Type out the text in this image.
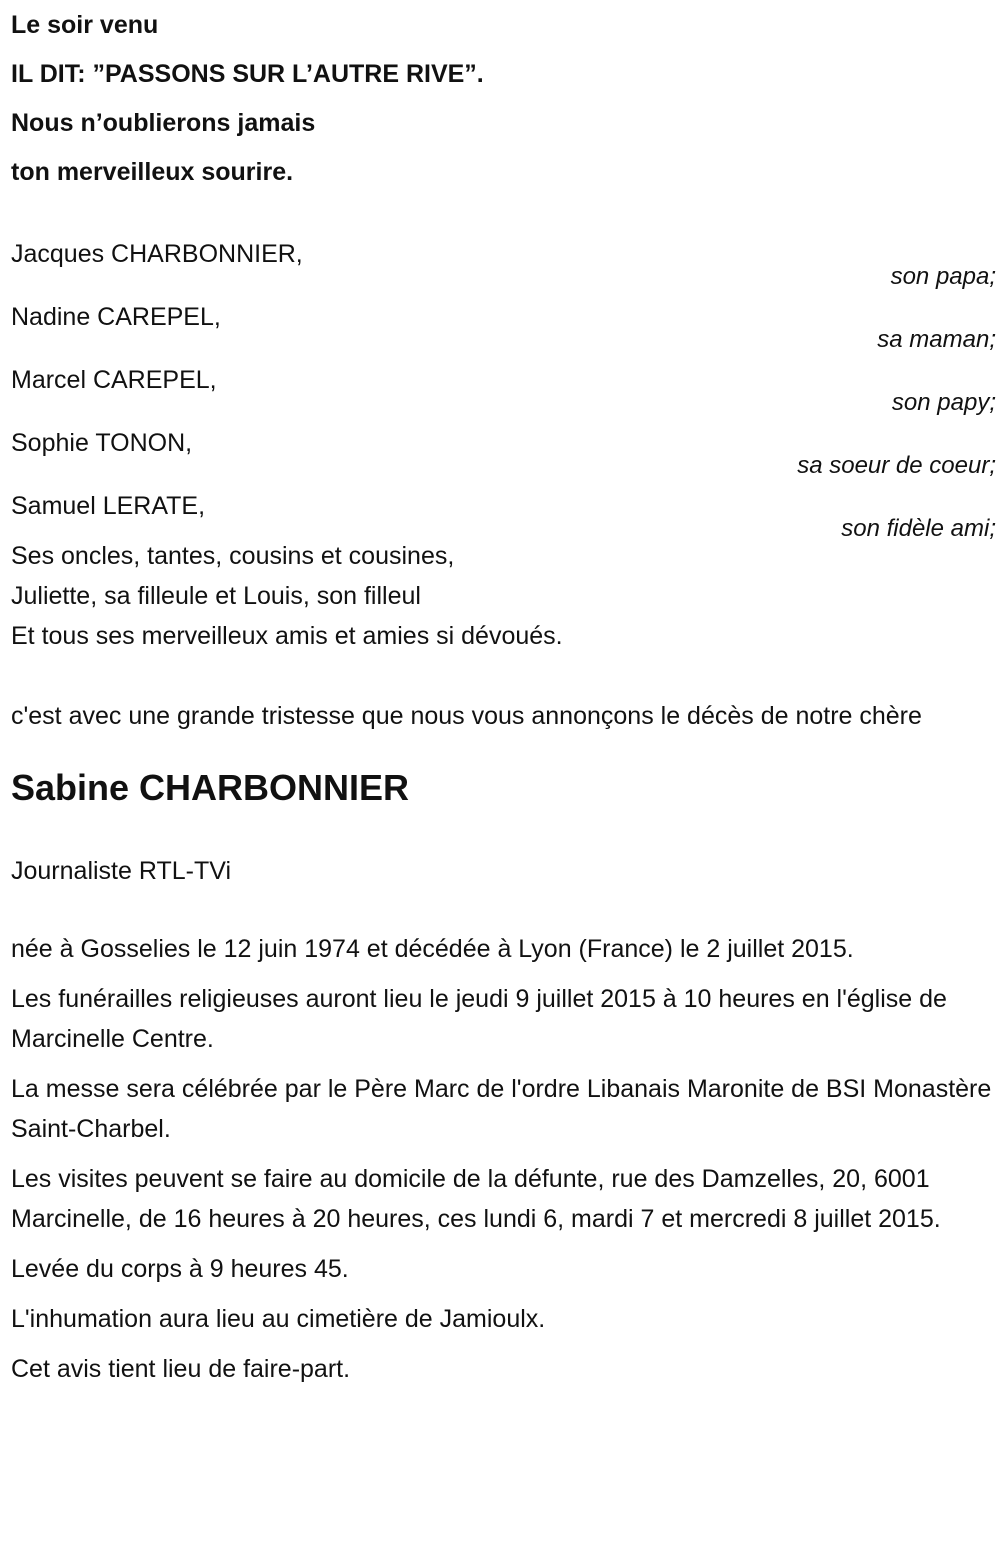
Le soir venu
IL DIT: ”PASSONS SUR L’AUTRE RIVE”.
Nous n’oublierons jamais
ton merveilleux sourire.
Jacques CHARBONNIER,
son papa;
Nadine CAREPEL,
sa maman;
Marcel CAREPEL,
son papy;
Sophie TONON,
sa soeur de coeur;
Samuel LERATE,
son fidèle ami;

Ses oncles, tantes, cousins et cousines,

Juliette, sa filleule et Louis, son filleul

Et tous ses merveilleux amis et amies si dévoués.

c'est avec une grande tristesse que nous vous annonçons le décès de notre chère

Sabine CHARBONNIER

Journaliste RTL-TVi

née à Gosselies le 12 juin 1974 et décédée à Lyon (France) le 2 juillet 2015.

Les funérailles religieuses auront lieu le jeudi 9 juillet 2015 à 10 heures en l'église de Marcinelle Centre.

La messe sera célébrée par le Père Marc de l'ordre Libanais Maronite de BSI Monastère Saint-Charbel.

Les visites peuvent se faire au domicile de la défunte, rue des Damzelles, 20, 6001 Marcinelle, de 16 heures à 20 heures, ces lundi 6, mardi 7 et mercredi 8 juillet 2015.

Levée du corps à 9 heures 45.

L'inhumation aura lieu au cimetière de Jamioulx.

Cet avis tient lieu de faire-part.
